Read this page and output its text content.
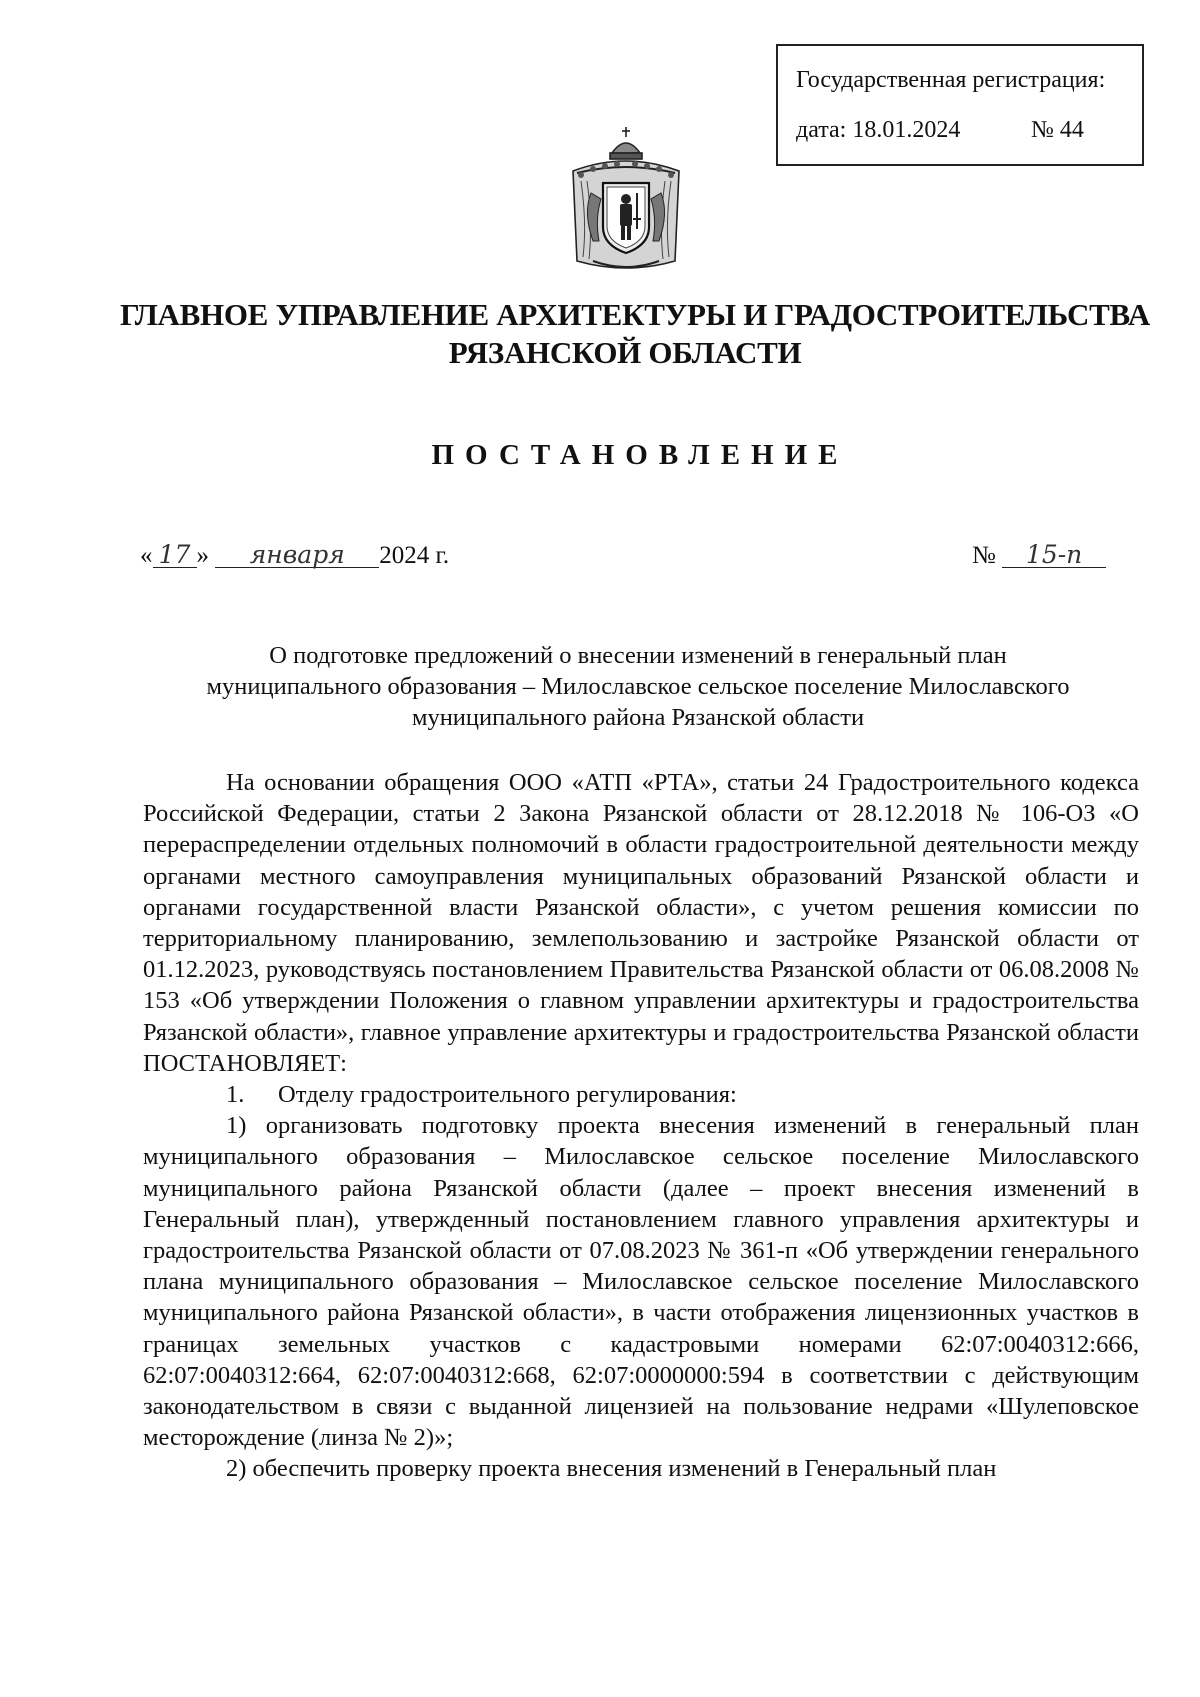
Государственная регистрация:
дата: 18.01.2024	№ 44
ГЛАВНОЕ УПРАВЛЕНИЕ АРХИТЕКТУРЫ И ГРАДОСТРОИТЕЛЬСТВА
РЯЗАНСКОЙ ОБЛАСТИ
ПОСТАНОВЛЕНИЕ
« 17 » января 2024 г.	№ 15-п
О подготовке предложений о внесении изменений в генеральный план
муниципального образования – Милославское сельское поселение Милославского
муниципального района Рязанской области

На основании обращения ООО «АТП «РТА», статьи 24 Градостроительного кодекса Российской Федерации, статьи 2 Закона Рязанской области от 28.12.2018 № 106-ОЗ «О перераспределении отдельных полномочий в области градостроительной деятельности между органами местного самоуправления муниципальных образований Рязанской области и органами государственной власти Рязанской области», с учетом решения комиссии по территориальному планированию, землепользованию и застройке Рязанской области от 01.12.2023, руководствуясь постановлением Правительства Рязанской области от 06.08.2008 № 153 «Об утверждении Положения о главном управлении архитектуры и градостроительства Рязанской области», главное управление архитектуры и градостроительства Рязанской области ПОСТАНОВЛЯЕТ:

1. Отделу градостроительного регулирования:

1) организовать подготовку проекта внесения изменений в генеральный план муниципального образования – Милославское сельское поселение Милославского муниципального района Рязанской области (далее – проект внесения изменений в Генеральный план), утвержденный постановлением главного управления архитектуры и градостроительства Рязанской области от 07.08.2023 № 361-п «Об утверждении генерального плана муниципального образования – Милославское сельское поселение Милославского муниципального района Рязанской области», в части отображения лицензионных участков в границах земельных участков с кадастровыми номерами 62:07:0040312:666, 62:07:0040312:664, 62:07:0040312:668, 62:07:0000000:594 в соответствии с действующим законодательством в связи с выданной лицензией на пользование недрами «Шулеповское месторождение (линза № 2)»;

2) обеспечить проверку проекта внесения изменений в Генеральный план
